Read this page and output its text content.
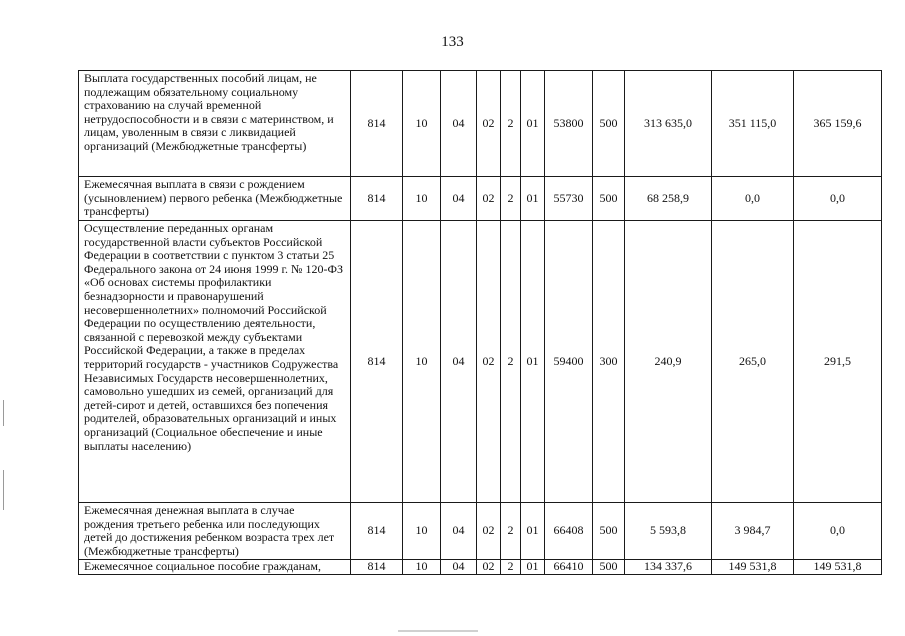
133
Выплата государственных пособий лицам, не подлежащим обязательному социальному страхованию на случай временной нетрудоспособности и в связи с материнством, и лицам, уволенным в связи с ликвидацией организаций (Межбюджетные трансферты)	814	10	04	02	2	01	53800	500	313 635,0	351 115,0	365 159,6
Ежемесячная выплата в связи с рождением (усыновлением) первого ребенка (Межбюджетные трансферты)	814	10	04	02	2	01	55730	500	68 258,9	0,0	0,0
Осуществление переданных органам государственной власти субъектов Российской Федерации в соответствии с пунктом 3 статьи 25 Федерального закона от 24 июня 1999 г. № 120-ФЗ «Об основах системы профилактики безнадзорности и правонарушений несовершеннолетних» полномочий Российской Федерации по осуществлению деятельности, связанной с перевозкой между субъектами Российской Федерации, а также в пределах территорий государств - участников Содружества Независимых Государств несовершеннолетних, самовольно ушедших из семей, организаций для детей-сирот и детей, оставшихся без попечения родителей, образовательных организаций и иных организаций (Социальное обеспечение и иные выплаты населению)	814	10	04	02	2	01	59400	300	240,9	265,0	291,5
Ежемесячная денежная выплата в случае рождения третьего ребенка или последующих детей до достижения ребенком возраста трех лет (Межбюджетные трансферты)	814	10	04	02	2	01	66408	500	5 593,8	3 984,7	0,0
Ежемесячное социальное пособие гражданам,	814	10	04	02	2	01	66410	500	134 337,6	149 531,8	149 531,8
